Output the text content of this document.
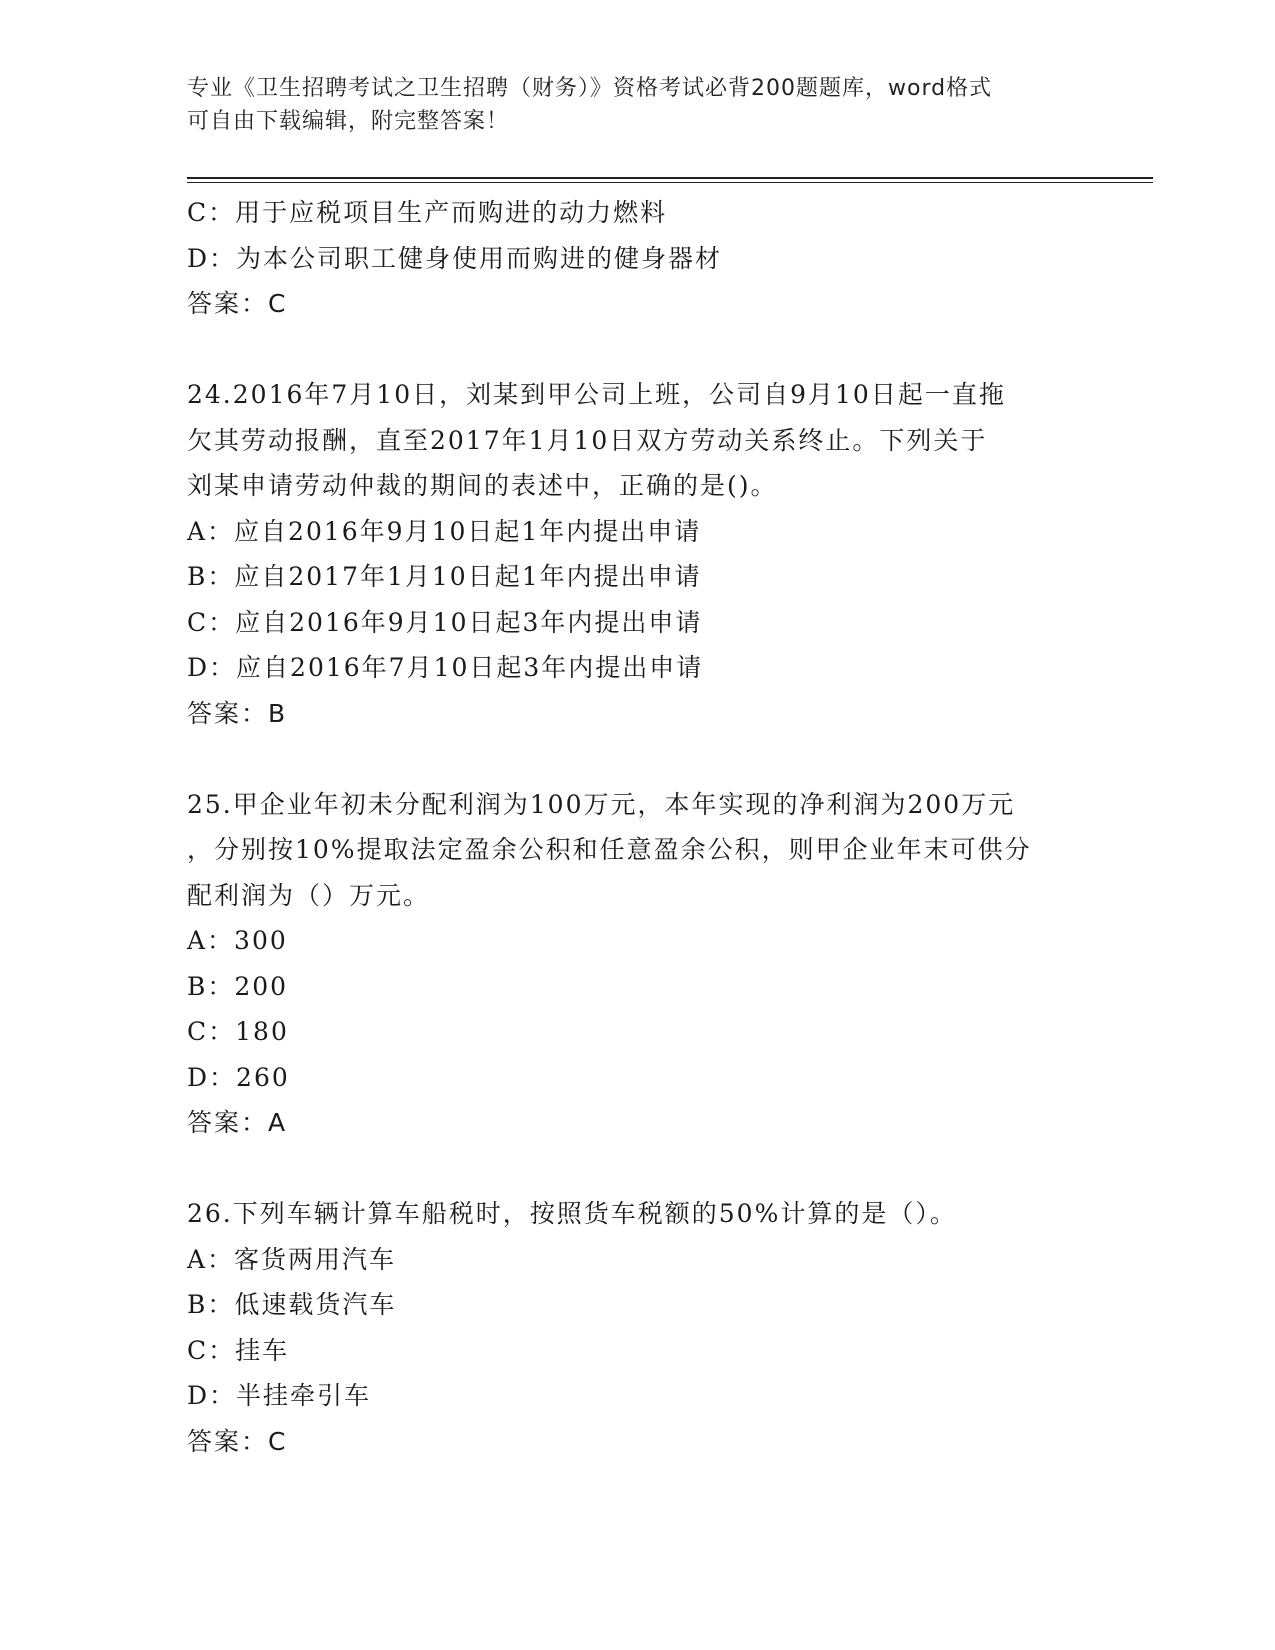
专业《卫生招聘考试之卫生招聘（财务）》资格考试必背200题题库，word格式
可自由下载编辑，附完整答案！
C：用于应税项目生产而购进的动力燃料
D：为本公司职工健身使用而购进的健身器材
答案：C
24.2016年7月10日，刘某到甲公司上班，公司自9月10日起一直拖
欠其劳动报酬，直至2017年1月10日双方劳动关系终止。下列关于
刘某申请劳动仲裁的期间的表述中，正确的是()。
A：应自2016年9月10日起1年内提出申请
B：应自2017年1月10日起1年内提出申请
C：应自2016年9月10日起3年内提出申请
D：应自2016年7月10日起3年内提出申请
答案：B
25.甲企业年初未分配利润为100万元，本年实现的净利润为200万元
，分别按10%提取法定盈余公积和任意盈余公积，则甲企业年末可供分
配利润为（）万元。
A：300
B：200
C：180
D：260
答案：A
26.下列车辆计算车船税时，按照货车税额的50%计算的是（）。
A：客货两用汽车
B：低速载货汽车
C：挂车
D：半挂牵引车
答案：C
